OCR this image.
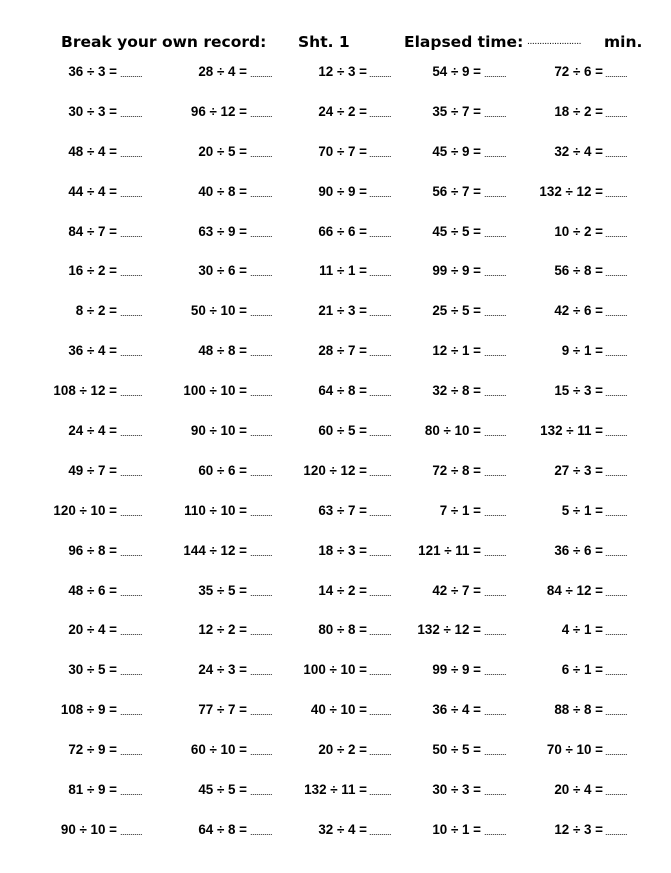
Break your own record: Sht. 1	Elapsed time: ...................... min.
36 ÷ 3 = ...........	28 ÷ 4 = ...........	12 ÷ 3 = ...........	54 ÷ 9 = ...........	72 ÷ 6 = ...........
30 ÷ 3 = ...........	96 ÷ 12 = ...........	24 ÷ 2 = ...........	35 ÷ 7 = ...........	18 ÷ 2 = ...........
48 ÷ 4 = ...........	20 ÷ 5 = ...........	70 ÷ 7 = ...........	45 ÷ 9 = ...........	32 ÷ 4 = ...........
44 ÷ 4 = ...........	40 ÷ 8 = ...........	90 ÷ 9 = ...........	56 ÷ 7 = ........... 132 ÷ 12 = ...........
84 ÷ 7 = ...........	63 ÷ 9 = ...........	66 ÷ 6 = ...........	45 ÷ 5 = ...........	10 ÷ 2 = ...........
16 ÷ 2 = ...........	30 ÷ 6 = ...........	11 ÷ 1 = ...........	99 ÷ 9 = ...........	56 ÷ 8 = ...........
8 ÷ 2 = ...........	50 ÷ 10 = ...........	21 ÷ 3 = ...........	25 ÷ 5 = ...........	42 ÷ 6 = ...........
36 ÷ 4 = ...........	48 ÷ 8 = ...........	28 ÷ 7 = ...........	12 ÷ 1 = ...........	9 ÷ 1 = ...........
108 ÷ 12 = ...........	100 ÷ 10 = ...........	64 ÷ 8 = ...........	32 ÷ 8 = ...........	15 ÷ 3 = ...........
24 ÷ 4 = ...........	90 ÷ 10 = ...........	60 ÷ 5 = ...........	80 ÷ 10 = ...........	132 ÷ 11 = ...........
49 ÷ 7 = ...........	60 ÷ 6 = ........... 120 ÷ 12 = ...........	72 ÷ 8 = ...........	27 ÷ 3 = ...........
120 ÷ 10 = ...........	110 ÷ 10 = ...........	63 ÷ 7 = ...........	7 ÷ 1 = ...........	5 ÷ 1 = ...........
96 ÷ 8 = ...........	144 ÷ 12 = ...........	18 ÷ 3 = ........... 121 ÷ 11 = ...........	36 ÷ 6 = ...........
48 ÷ 6 = ...........	35 ÷ 5 = ...........	14 ÷ 2 = ...........	42 ÷ 7 = ...........	84 ÷ 12 = ...........
20 ÷ 4 = ...........	12 ÷ 2 = ...........	80 ÷ 8 = ........... 132 ÷ 12 = ...........	4 ÷ 1 = ...........
30 ÷ 5 = ...........	24 ÷ 3 = ........... 100 ÷ 10 = ...........	99 ÷ 9 = ...........	6 ÷ 1 = ...........
108 ÷ 9 = ...........	77 ÷ 7 = ...........	40 ÷ 10 = ...........	36 ÷ 4 = ...........	88 ÷ 8 = ...........
72 ÷ 9 = ...........	60 ÷ 10 = ...........	20 ÷ 2 = ...........	50 ÷ 5 = ...........	70 ÷ 10 = ...........
81 ÷ 9 = ...........	45 ÷ 5 = ........... 132 ÷ 11 = ...........	30 ÷ 3 = ...........	20 ÷ 4 = ...........
90 ÷ 10 = ...........	64 ÷ 8 = ...........	32 ÷ 4 = ...........	10 ÷ 1 = ...........	12 ÷ 3 = ...........
